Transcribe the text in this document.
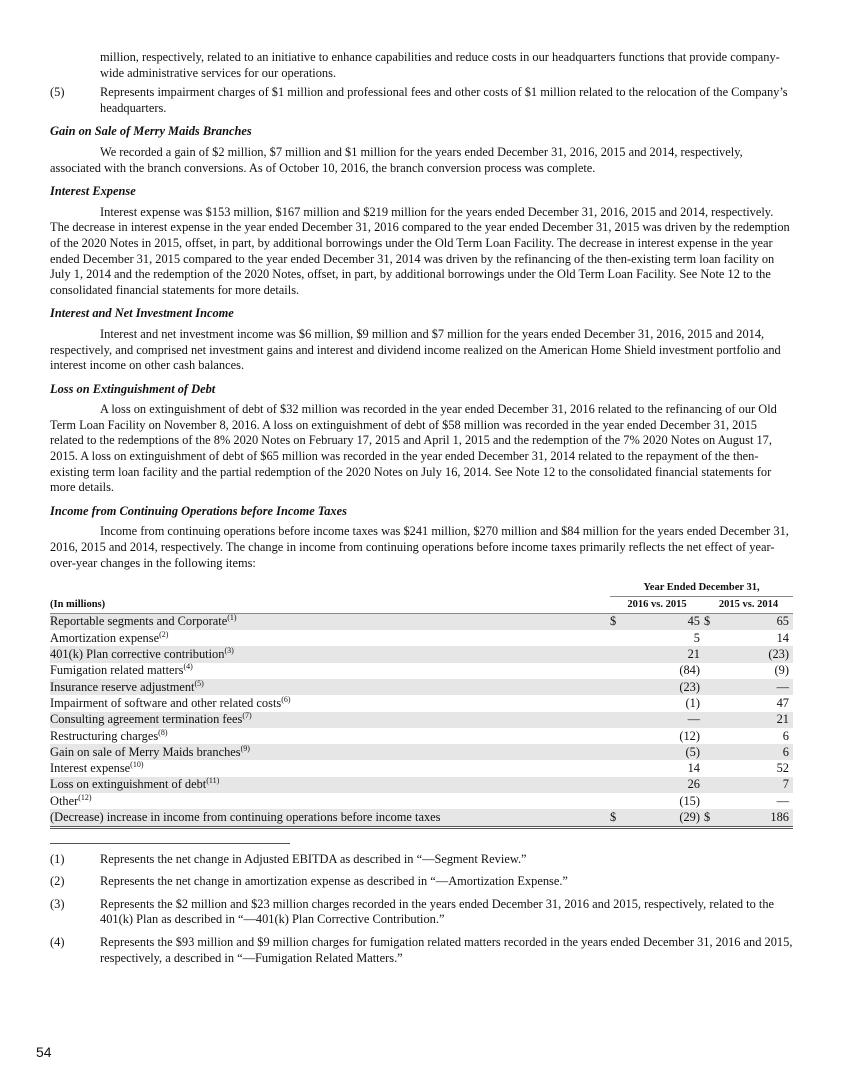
million, respectively, related to an initiative to enhance capabilities and reduce costs in our headquarters functions that provide company-wide administrative services for our operations.

(5)	Represents impairment charges of $1 million and professional fees and other costs of $1 million related to the relocation of the Company’s headquarters.

Gain on Sale of Merry Maids Branches

We recorded a gain of $2 million, $7 million and $1 million for the years ended December 31, 2016, 2015 and 2014, respectively, associated with the branch conversions. As of October 10, 2016, the branch conversion process was complete.

Interest Expense

Interest expense was $153 million, $167 million and $219 million for the years ended December 31, 2016, 2015 and 2014, respectively. The decrease in interest expense in the year ended December 31, 2016 compared to the year ended December 31, 2015 was driven by the redemption of the 2020 Notes in 2015, offset, in part, by additional borrowings under the Old Term Loan Facility. The decrease in interest expense in the year ended December 31, 2015 compared to the year ended December 31, 2014 was driven by the refinancing of the then-existing term loan facility on July 1, 2014 and the redemption of the 2020 Notes, offset, in part, by additional borrowings under the Old Term Loan Facility. See Note 12 to the consolidated financial statements for more details.

Interest and Net Investment Income

Interest and net investment income was $6 million, $9 million and $7 million for the years ended December 31, 2016, 2015 and 2014, respectively, and comprised net investment gains and interest and dividend income realized on the American Home Shield investment portfolio and interest income on other cash balances.

Loss on Extinguishment of Debt

A loss on extinguishment of debt of $32 million was recorded in the year ended December 31, 2016 related to the refinancing of our Old Term Loan Facility on November 8, 2016. A loss on extinguishment of debt of $58 million was recorded in the year ended December 31, 2015 related to the redemptions of the 8% 2020 Notes on February 17, 2015 and April 1, 2015 and the redemption of the 7% 2020 Notes on August 17, 2015. A loss on extinguishment of debt of $65 million was recorded in the year ended December 31, 2014 related to the repayment of the then-existing term loan facility and the partial redemption of the 2020 Notes on July 16, 2014. See Note 12 to the consolidated financial statements for more details.

Income from Continuing Operations before Income Taxes

Income from continuing operations before income taxes was $241 million, $270 million and $84 million for the years ended December 31, 2016, 2015 and 2014, respectively. The change in income from continuing operations before income taxes primarily reflects the net effect of year-over-year changes in the following items:

	Year Ended December 31,			
(In millions)	2016 vs. 2015		2015 vs. 2014	
Reportable segments and Corporate$^{(1)}$	$	45	$	65
Amortization expense$^{(2)}$		5		14
401(k) Plan corrective contribution$^{(3)}$		21		(23)
Fumigation related matters$^{(4)}$		(84)		(9)
Insurance reserve adjustment$^{(5)}$		(23)		—
Impairment of software and other related costs$^{(6)}$		(1)		47
Consulting agreement termination fees$^{(7)}$		—		21
Restructuring charges$^{(8)}$		(12)		6
Gain on sale of Merry Maids branches$^{(9)}$		(5)		6
Interest expense$^{(10)}$		14		52
Loss on extinguishment of debt$^{(11)}$		26		7
Other$^{(12)}$		(15)		—
(Decrease) increase in income from continuing operations before income taxes	$	(29)	$	186
(1)	Represents the net change in Adjusted EBITDA as described in “—Segment Review.”
(2)	Represents the net change in amortization expense as described in “—Amortization Expense.”
(3)	Represents the $2 million and $23 million charges recorded in the years ended December 31, 2016 and 2015, respectively, related to the 401(k) Plan as described in “—401(k) Plan Corrective Contribution.”
(4)	Represents the $93 million and $9 million charges for fumigation related matters recorded in the years ended December 31, 2016 and 2015, respectively, a described in “—Fumigation Related Matters.”
54
